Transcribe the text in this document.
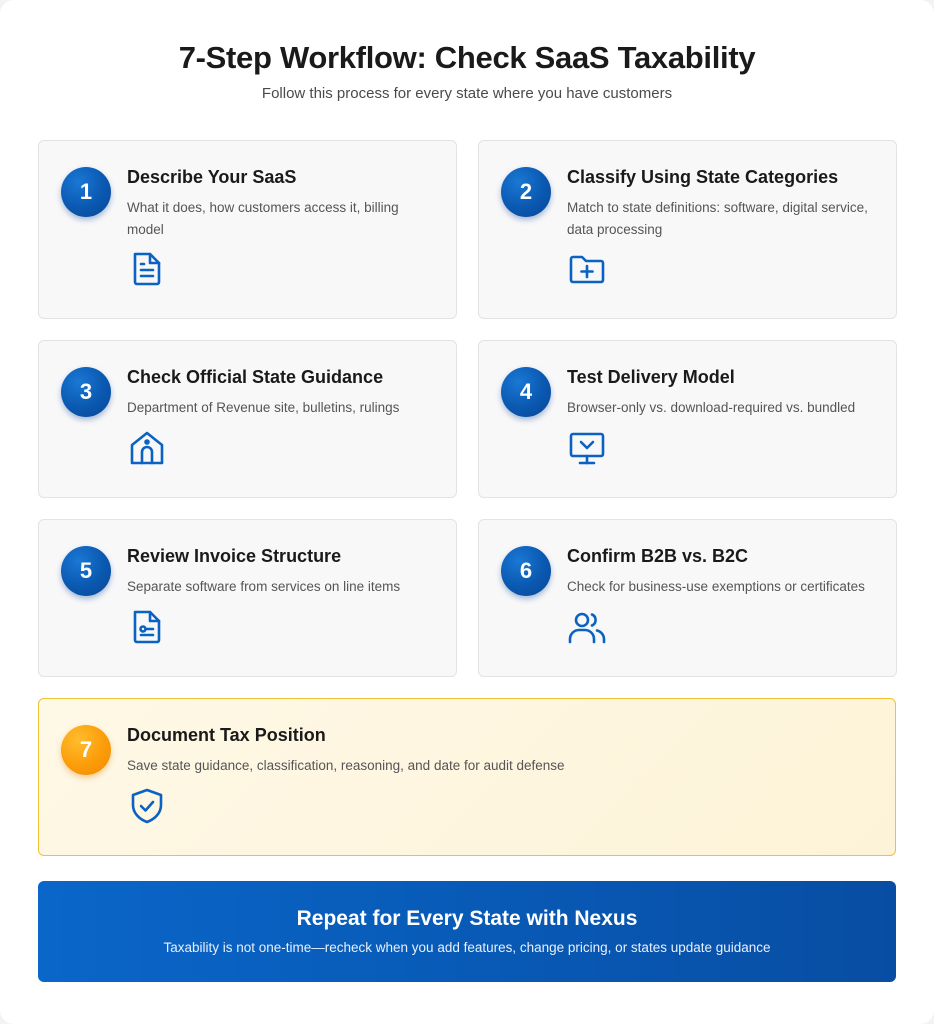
7-Step Workflow: Check SaaS Taxability

Follow this process for every state where you have customers

1
Describe Your SaaS
What it does, how customers access it, billing model
2
Classify Using State Categories
Match to state definitions: software, digital service, data processing
3
Check Official State Guidance
Department of Revenue site, bulletins, rulings
4
Test Delivery Model
Browser-only vs. download-required vs. bundled
5
Review Invoice Structure
Separate software from services on line items
6
Confirm B2B vs. B2C
Check for business-use exemptions or certificates
7
Document Tax Position
Save state guidance, classification, reasoning, and date for audit defense
Repeat for Every State with Nexus
Taxability is not one-time—recheck when you add features, change pricing, or states update guidance
